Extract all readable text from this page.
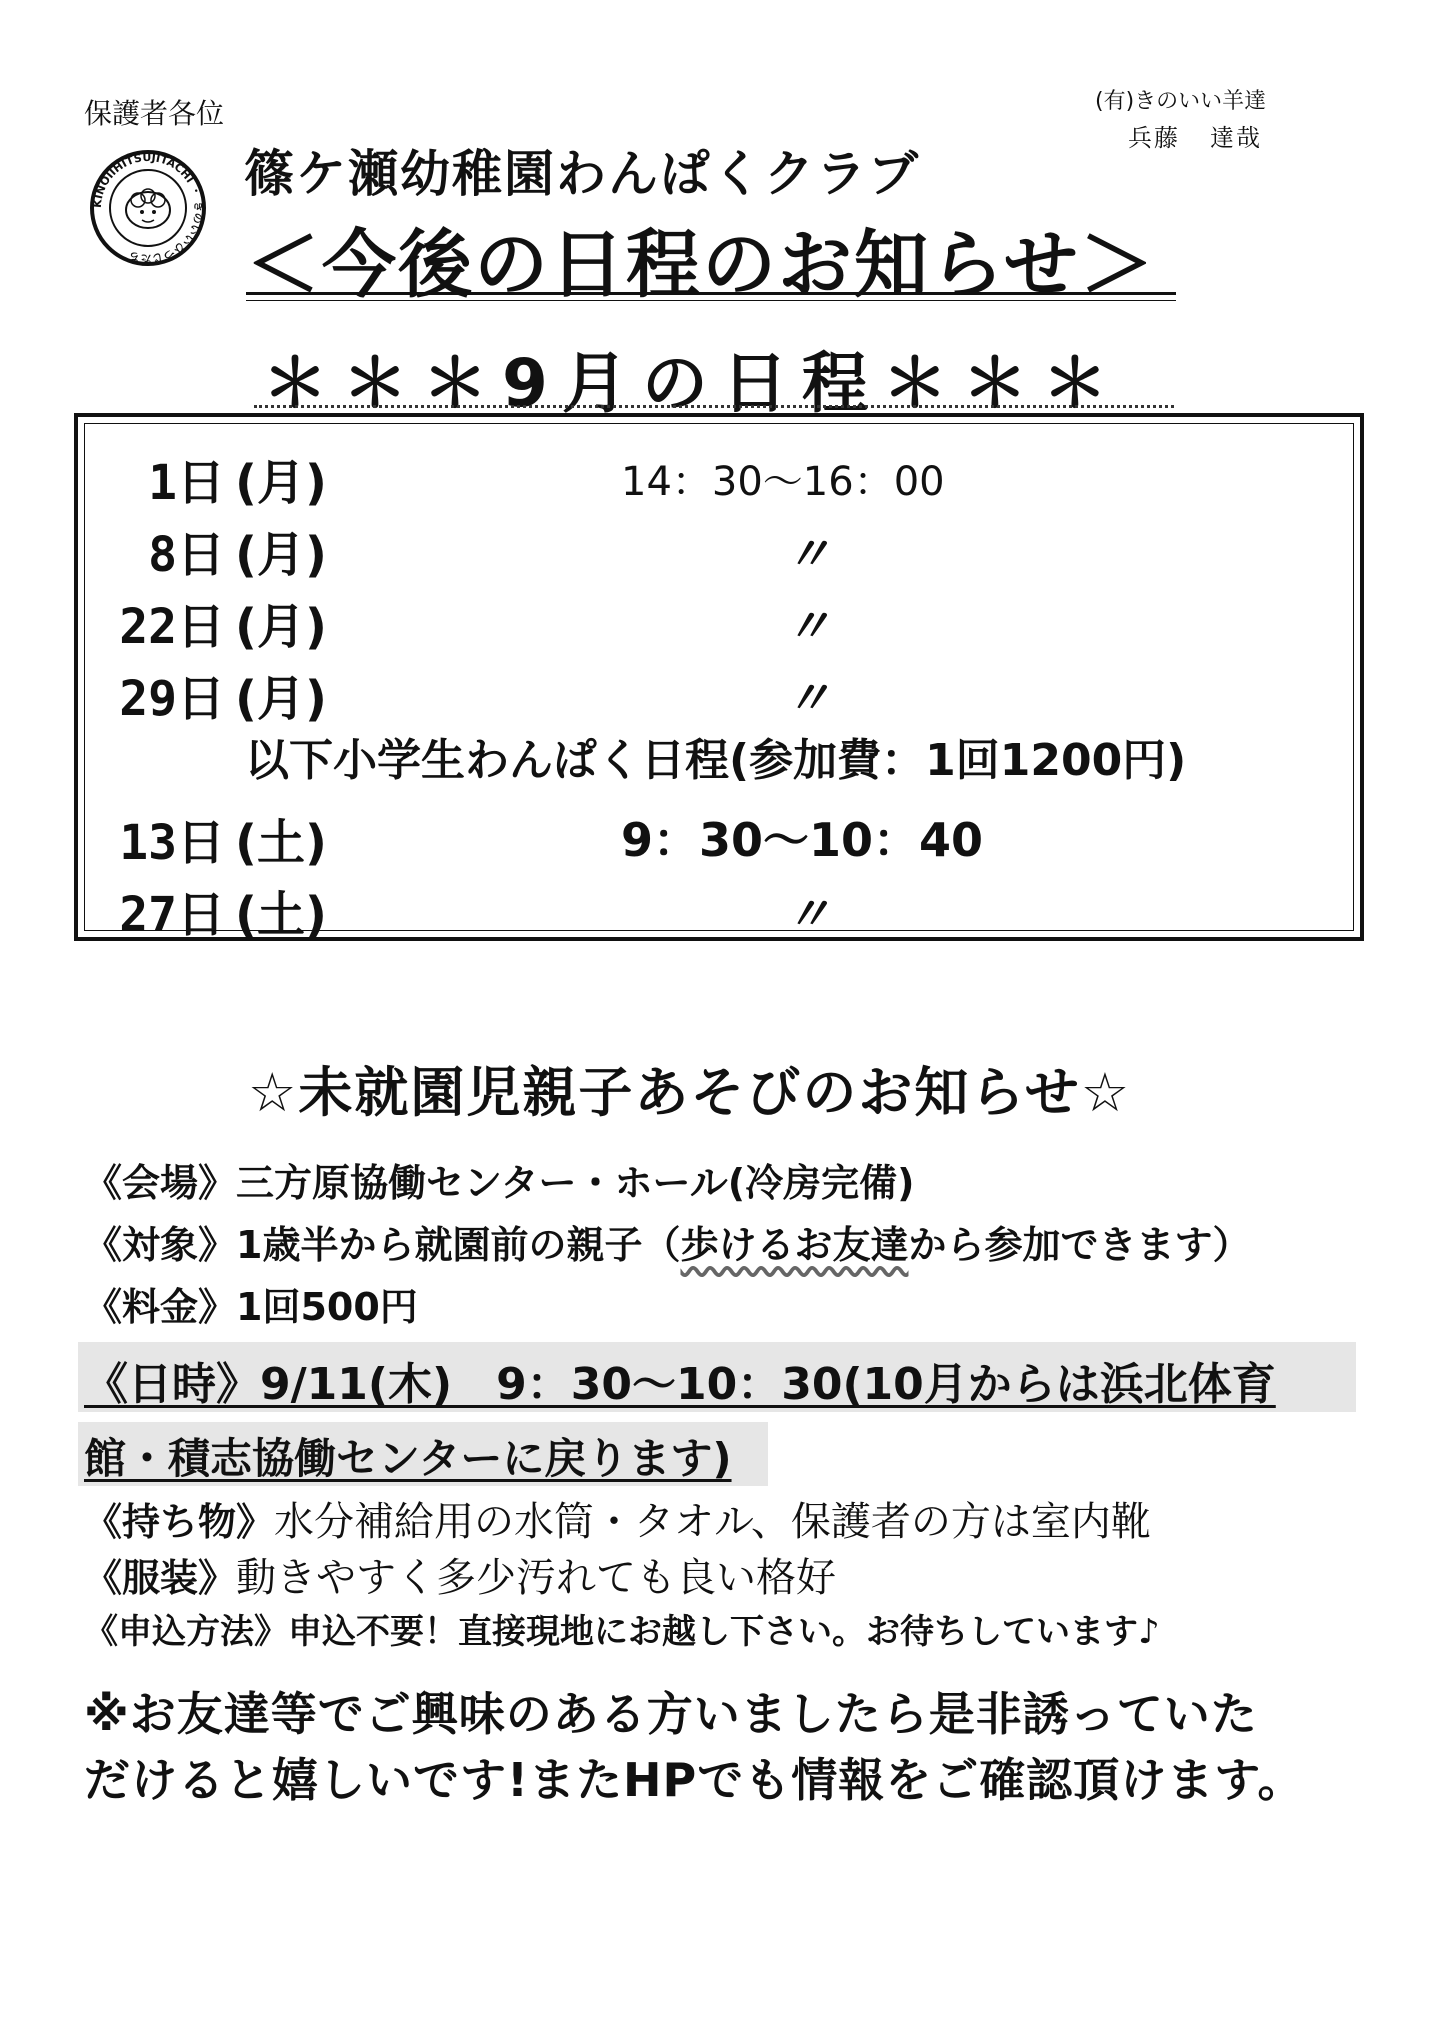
保護者各位	(有)きのいい羊達
兵藤 達哉
KINOIIHITSUJITACHI ・ きのいいひつじたち
篠ケ瀬幼稚園わんぱくクラブ
＜今後の日程のお知らせ＞
＊＊＊9月の日程＊＊＊
1日 (月)	14：30～16：00
8日 (月)	〃
22日 (月)	〃
29日 (月)	〃
以下小学生わんぱく日程(参加費：1回1200円)
13日 (土)	9：30～10：40
27日 (土)	〃
☆未就園児親子あそびのお知らせ☆
《会場》三方原協働センター・ホール(冷房完備)
《対象》1歳半から就園前の親子（歩けるお友達から参加できます）
《料金》1回500円
《日時》9/11(木)　9：30～10：30(10月からは浜北体育
館・積志協働センターに戻ります)
《持ち物》水分補給用の水筒・タオル、保護者の方は室内靴
《服装》動きやすく多少汚れても良い格好
《申込方法》申込不要！直接現地にお越し下さい。お待ちしています♪
※お友達等でご興味のある方いましたら是非誘っていた
だけると嬉しいです!またHPでも情報をご確認頂けます。
